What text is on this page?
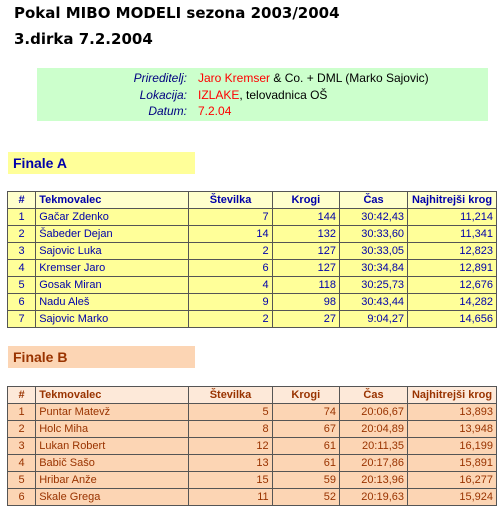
Pokal MIBO MODELI sezona 2003/2004
3.dirka 7.2.2004
Prireditelj: Jaro Kremser & Co. + DML (Marko Sajovic)
Lokacija: IZLAKE, telovadnica OŠ
Datum: 7.2.04
Finale A
#	Tekmovalec	Številka	Krogi	Čas	Najhitrejši krog
1	Gačar Zdenko	7	144	30:42,43	11,214
2	Šabeder Dejan	14	132	30:33,60	11,341
3	Sajovic Luka	2	127	30:33,05	12,823
4	Kremser Jaro	6	127	30:34,84	12,891
5	Gosak Miran	4	118	30:25,73	12,676
6	Nadu Aleš	9	98	30:43,44	14,282
7	Sajovic Marko	2	27	9:04,27	14,656
Finale B
#	Tekmovalec	Številka	Krogi	Čas	Najhitrejši krog
1	Puntar Matevž	5	74	20:06,67	13,893
2	Holc Miha	8	67	20:04,89	13,948
3	Lukan Robert	12	61	20:11,35	16,199
4	Babič Sašo	13	61	20:17,86	15,891
5	Hribar Anže	15	59	20:13,96	16,277
6	Skale Grega	11	52	20:19,63	15,924
